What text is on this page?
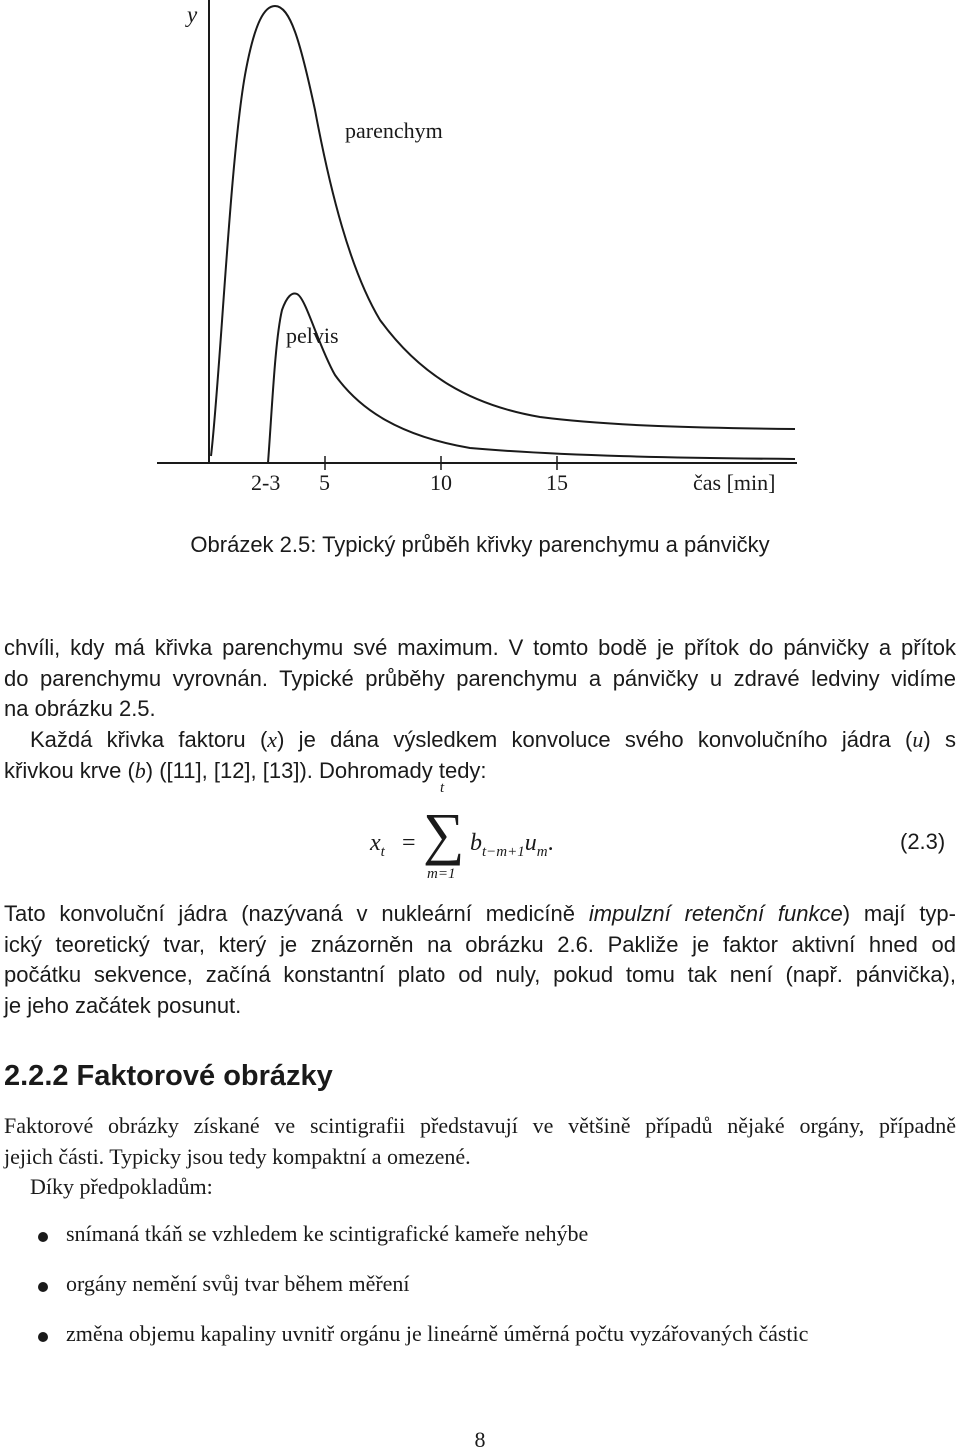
y
parenchym
pelvis
2-3 5	10	15	čas [min]
Obrázek 2.5: Typický průběh křivky parenchymu a pánvičky
chvíli, kdy má křivka parenchymu své maximum. V tomto bodě je přítok do pánvičky a přítok
do parenchymu vyrovnán. Typické průběhy parenchymu a pánvičky u zdravé ledviny vidíme
na obrázku 2.5.
Každá křivka faktoru (x) je dána výsledkem konvoluce svého konvolučního jádra (u) s
křivkou krve (b) ([11], [12], [13]). Dohromady tedy:
$x_t$ = ∑
t
m=1
$b_{t-m+1}u_m$.	(2.3)
Tato konvoluční jádra (nazývaná v nukleární medicíně impulzní retenční funkce) mají typ-
ický teoretický tvar, který je znázorněn na obrázku 2.6. Pakliže je faktor aktivní hned od
počátku sekvence, začíná konstantní plato od nuly, pokud tomu tak není (např. pánvička),
je jeho začátek posunut.
2.2.2 Faktorové obrázky
Faktorové obrázky získané ve scintigrafii představují ve většině případů nějaké orgány, případně
jejich části. Typicky jsou tedy kompaktní a omezené.
Díky předpokladům:
snímaná tkáň se vzhledem ke scintigrafické kameře nehýbe
orgány nemění svůj tvar během měření
změna objemu kapaliny uvnitř orgánu je lineárně úměrná počtu vyzářovaných částic
8
